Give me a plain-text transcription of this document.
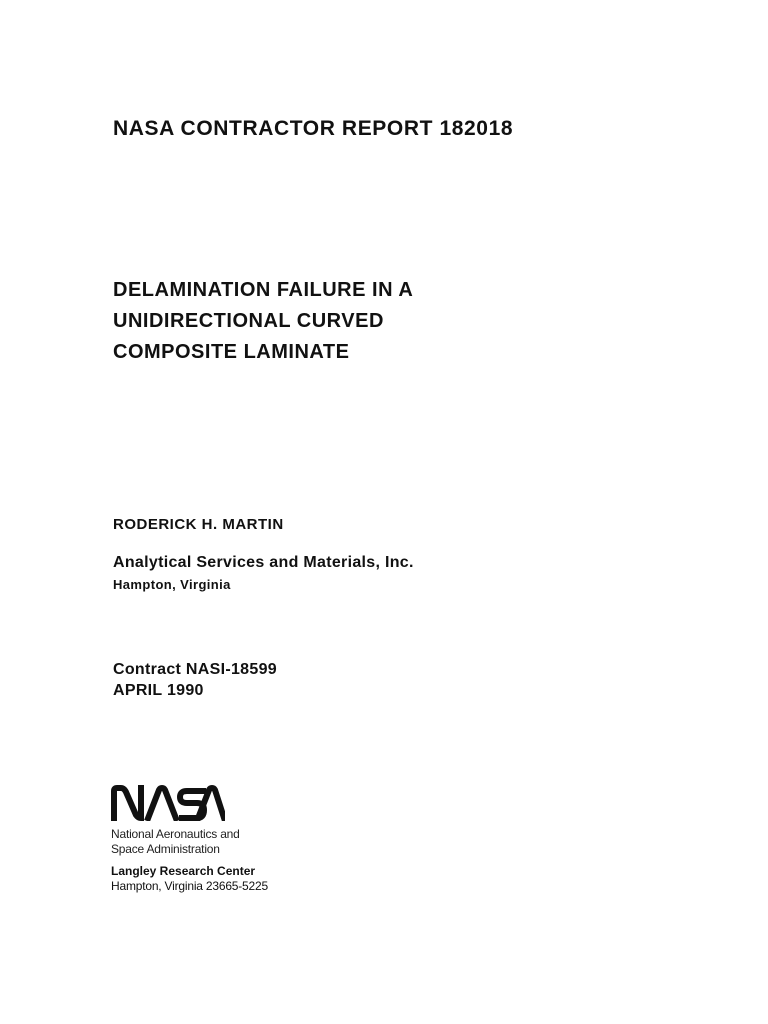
NASA CONTRACTOR REPORT 182018
DELAMINATION FAILURE IN A
UNIDIRECTIONAL CURVED
COMPOSITE LAMINATE
RODERICK H. MARTIN
Analytical Services and Materials, Inc.
Hampton, Virginia
Contract NASI-18599
APRIL 1990
National Aeronautics and
Space Administration
Langley Research Center
Hampton, Virginia 23665-5225
